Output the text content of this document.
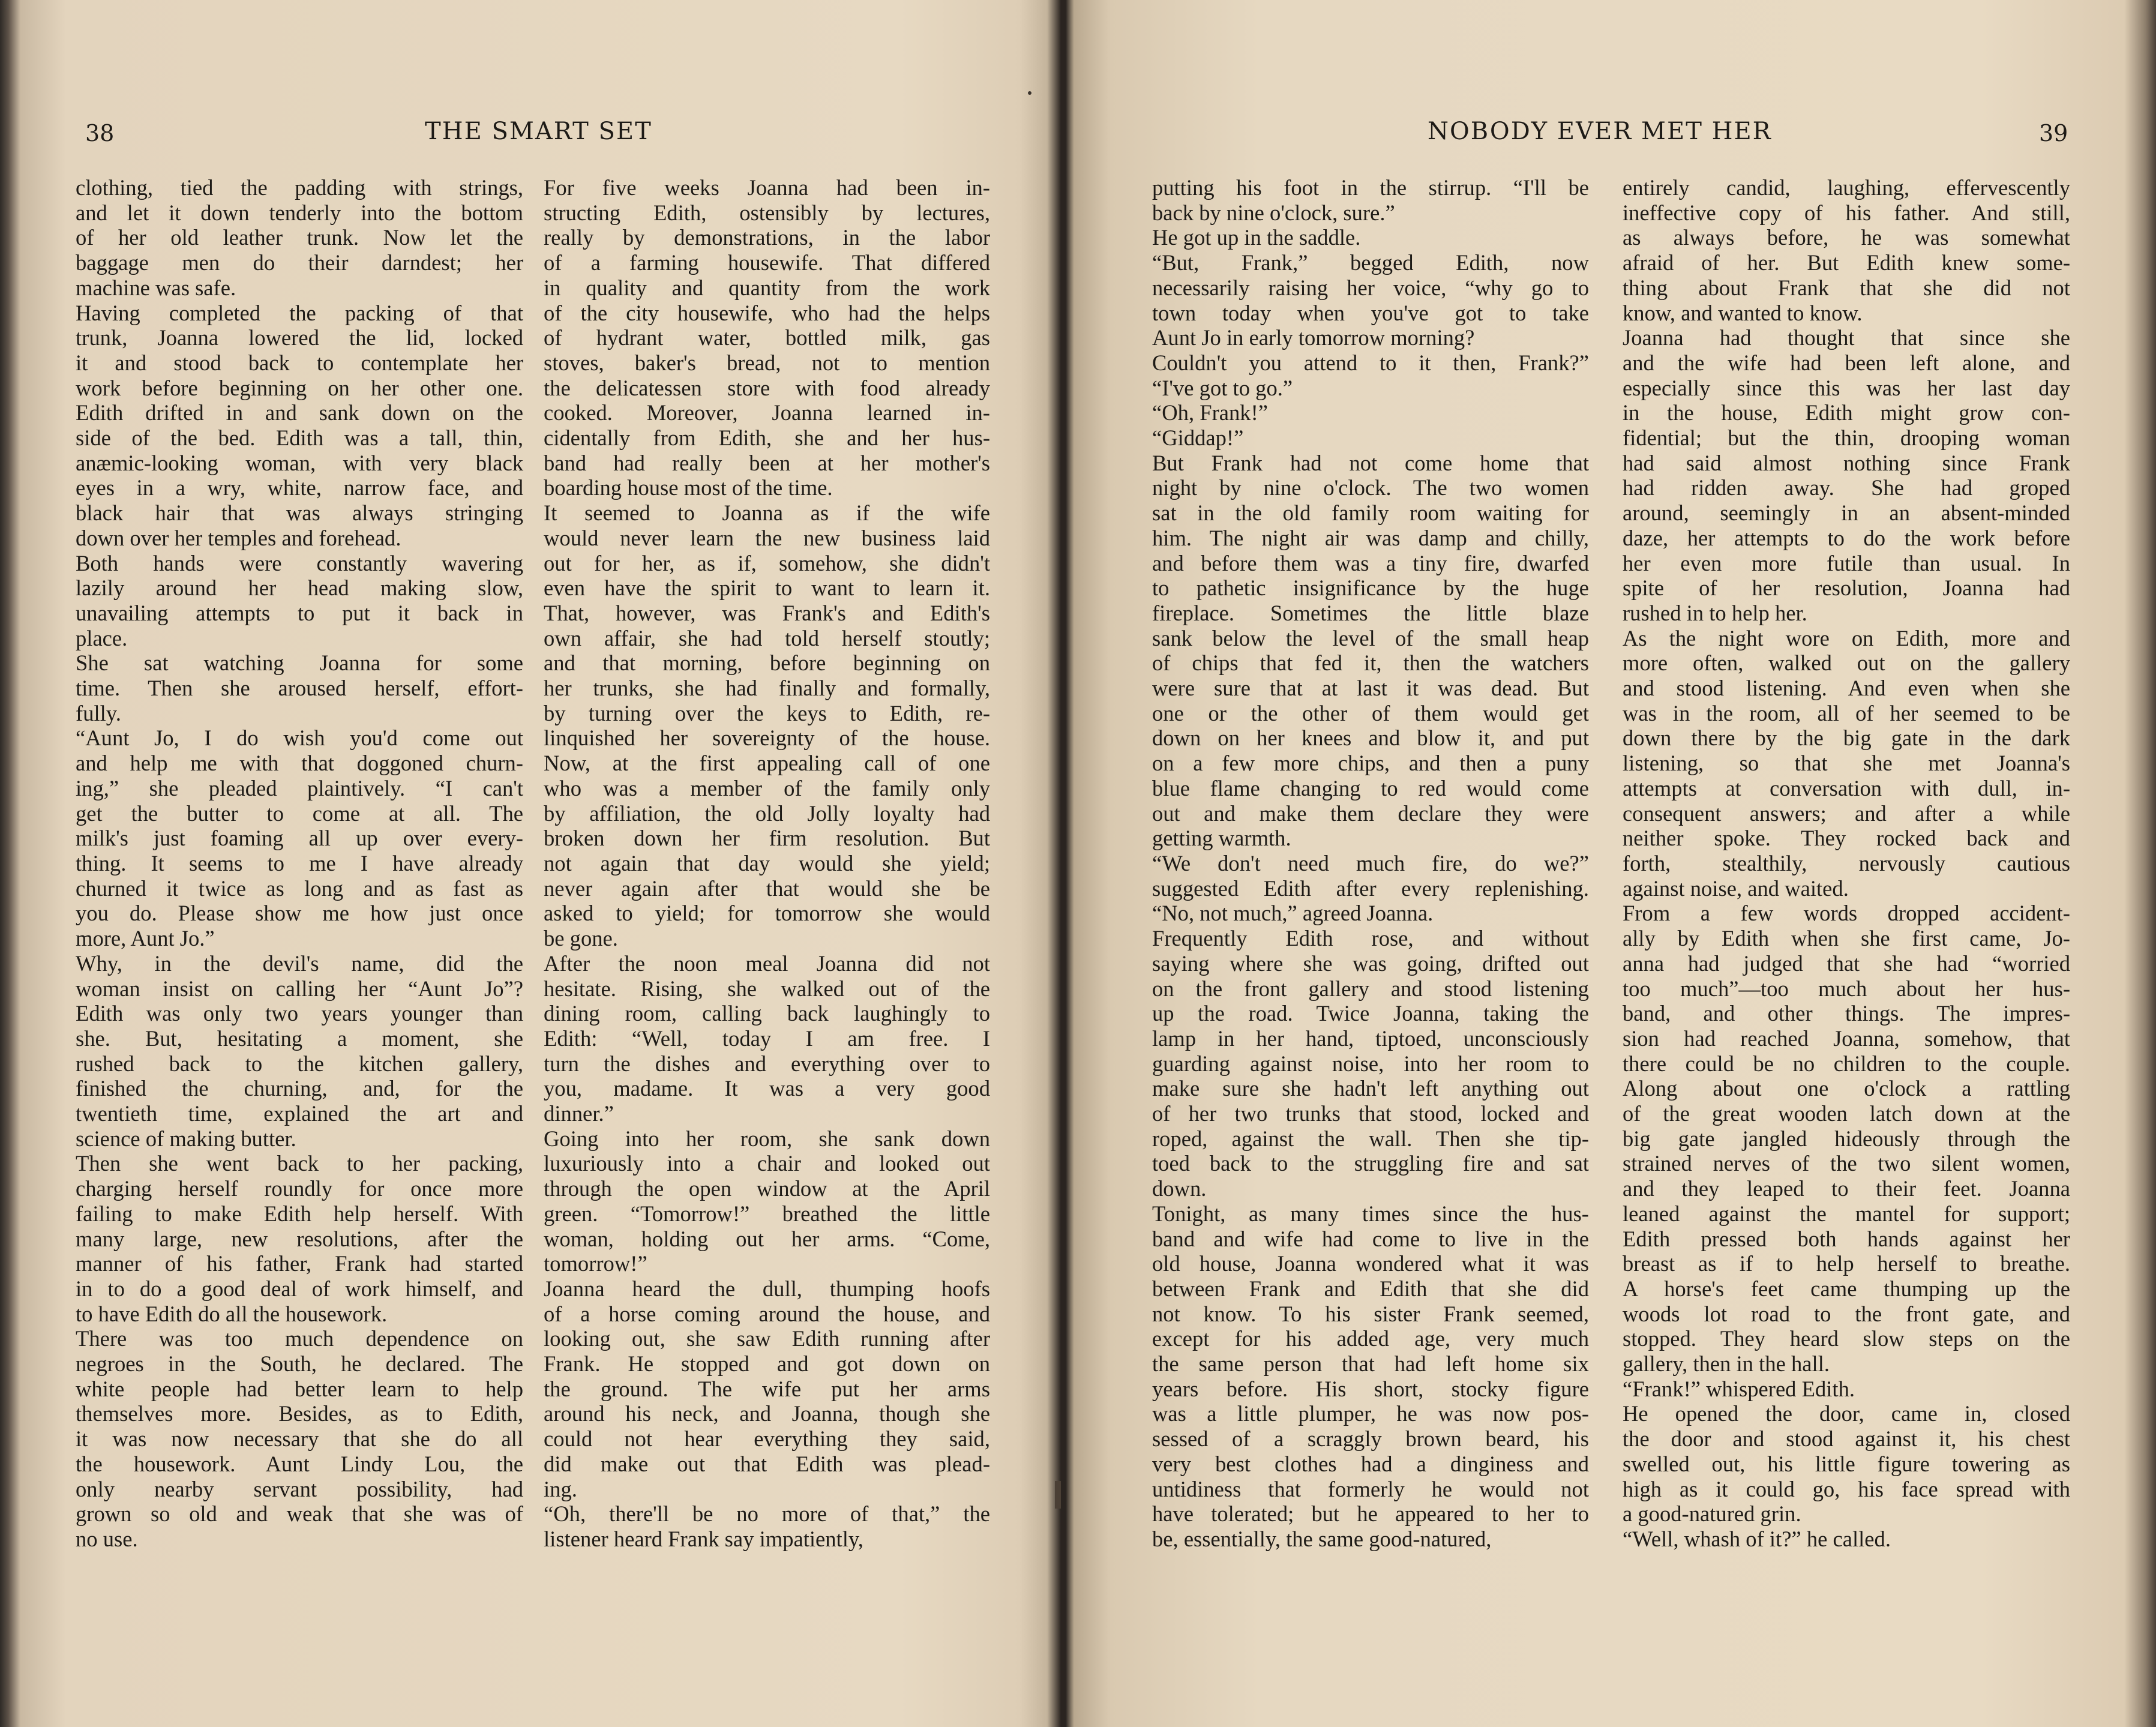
38	THE SMART SET
clothing, tied the padding with strings,
and let it down tenderly into the bottom
of her old leather trunk. Now let the
baggage men do their darndest; her
machine was safe.
Having completed the packing of that
trunk, Joanna lowered the lid, locked
it and stood back to contemplate her
work before beginning on her other one.
Edith drifted in and sank down on the
side of the bed. Edith was a tall, thin,
anæmic-looking woman, with very black
eyes in a wry, white, narrow face, and
black hair that was always stringing
down over her temples and forehead.
Both hands were constantly wavering
lazily around her head making slow,
unavailing attempts to put it back in
place.
She sat watching Joanna for some
time. Then she aroused herself, effort-
fully.
“Aunt Jo, I do wish you'd come out
and help me with that doggoned churn-
ing,” she pleaded plaintively. “I can't
get the butter to come at all. The
milk's just foaming all up over every-
thing. It seems to me I have already
churned it twice as long and as fast as
you do. Please show me how just once
more, Aunt Jo.”
Why, in the devil's name, did the
woman insist on calling her “Aunt Jo”?
Edith was only two years younger than
she. But, hesitating a moment, she
rushed back to the kitchen gallery,
finished the churning, and, for the
twentieth time, explained the art and
science of making butter.
Then she went back to her packing,
charging herself roundly for once more
failing to make Edith help herself. With
many large, new resolutions, after the
manner of his father, Frank had started
in to do a good deal of work himself, and
to have Edith do all the housework.
There was too much dependence on
negroes in the South, he declared. The
white people had better learn to help
themselves more. Besides, as to Edith,
it was now necessary that she do all
the housework. Aunt Lindy Lou, the
only nearby servant possibility, had
grown so old and weak that she was of
no use.
For five weeks Joanna had been in-
structing Edith, ostensibly by lectures,
really by demonstrations, in the labor
of a farming housewife. That differed
in quality and quantity from the work
of the city housewife, who had the helps
of hydrant water, bottled milk, gas
stoves, baker's bread, not to mention
the delicatessen store with food already
cooked. Moreover, Joanna learned in-
cidentally from Edith, she and her hus-
band had really been at her mother's
boarding house most of the time.
It seemed to Joanna as if the wife
would never learn the new business laid
out for her, as if, somehow, she didn't
even have the spirit to want to learn it.
That, however, was Frank's and Edith's
own affair, she had told herself stoutly;
and that morning, before beginning on
her trunks, she had finally and formally,
by turning over the keys to Edith, re-
linquished her sovereignty of the house.
Now, at the first appealing call of one
who was a member of the family only
by affiliation, the old Jolly loyalty had
broken down her firm resolution. But
not again that day would she yield;
never again after that would she be
asked to yield; for tomorrow she would
be gone.
After the noon meal Joanna did not
hesitate. Rising, she walked out of the
dining room, calling back laughingly to
Edith: “Well, today I am free. I
turn the dishes and everything over to
you, madame. It was a very good
dinner.”
Going into her room, she sank down
luxuriously into a chair and looked out
through the open window at the April
green. “Tomorrow!” breathed the little
woman, holding out her arms. “Come,
tomorrow!”
Joanna heard the dull, thumping hoofs
of a horse coming around the house, and
looking out, she saw Edith running after
Frank. He stopped and got down on
the ground. The wife put her arms
around his neck, and Joanna, though she
could not hear everything they said,
did make out that Edith was plead-
ing.
“Oh, there'll be no more of that,” the
listener heard Frank say impatiently,
NOBODY EVER MET HER	39
putting his foot in the stirrup. “I'll be
back by nine o'clock, sure.”
He got up in the saddle.
“But, Frank,” begged Edith, now
necessarily raising her voice, “why go to
town today when you've got to take
Aunt Jo in early tomorrow morning?
Couldn't you attend to it then, Frank?”
“I've got to go.”
“Oh, Frank!”
“Giddap!”
But Frank had not come home that
night by nine o'clock. The two women
sat in the old family room waiting for
him. The night air was damp and chilly,
and before them was a tiny fire, dwarfed
to pathetic insignificance by the huge
fireplace. Sometimes the little blaze
sank below the level of the small heap
of chips that fed it, then the watchers
were sure that at last it was dead. But
one or the other of them would get
down on her knees and blow it, and put
on a few more chips, and then a puny
blue flame changing to red would come
out and make them declare they were
getting warmth.
“We don't need much fire, do we?”
suggested Edith after every replenishing.
“No, not much,” agreed Joanna.
Frequently Edith rose, and without
saying where she was going, drifted out
on the front gallery and stood listening
up the road. Twice Joanna, taking the
lamp in her hand, tiptoed, unconsciously
guarding against noise, into her room to
make sure she hadn't left anything out
of her two trunks that stood, locked and
roped, against the wall. Then she tip-
toed back to the struggling fire and sat
down.
Tonight, as many times since the hus-
band and wife had come to live in the
old house, Joanna wondered what it was
between Frank and Edith that she did
not know. To his sister Frank seemed,
except for his added age, very much
the same person that had left home six
years before. His short, stocky figure
was a little plumper, he was now pos-
sessed of a scraggly brown beard, his
very best clothes had a dinginess and
untidiness that formerly he would not
have tolerated; but he appeared to her to
be, essentially, the same good-natured,
entirely candid, laughing, effervescently
ineffective copy of his father. And still,
as always before, he was somewhat
afraid of her. But Edith knew some-
thing about Frank that she did not
know, and wanted to know.
Joanna had thought that since she
and the wife had been left alone, and
especially since this was her last day
in the house, Edith might grow con-
fidential; but the thin, drooping woman
had said almost nothing since Frank
had ridden away. She had groped
around, seemingly in an absent-minded
daze, her attempts to do the work before
her even more futile than usual. In
spite of her resolution, Joanna had
rushed in to help her.
As the night wore on Edith, more and
more often, walked out on the gallery
and stood listening. And even when she
was in the room, all of her seemed to be
down there by the big gate in the dark
listening, so that she met Joanna's
attempts at conversation with dull, in-
consequent answers; and after a while
neither spoke. They rocked back and
forth, stealthily, nervously cautious
against noise, and waited.
From a few words dropped accident-
ally by Edith when she first came, Jo-
anna had judged that she had “worried
too much”—too much about her hus-
band, and other things. The impres-
sion had reached Joanna, somehow, that
there could be no children to the couple.
Along about one o'clock a rattling
of the great wooden latch down at the
big gate jangled hideously through the
strained nerves of the two silent women,
and they leaped to their feet. Joanna
leaned against the mantel for support;
Edith pressed both hands against her
breast as if to help herself to breathe.
A horse's feet came thumping up the
woods lot road to the front gate, and
stopped. They heard slow steps on the
gallery, then in the hall.
“Frank!” whispered Edith.
He opened the door, came in, closed
the door and stood against it, his chest
swelled out, his little figure towering as
high as it could go, his face spread with
a good-natured grin.
“Well, whash of it?” he called.
